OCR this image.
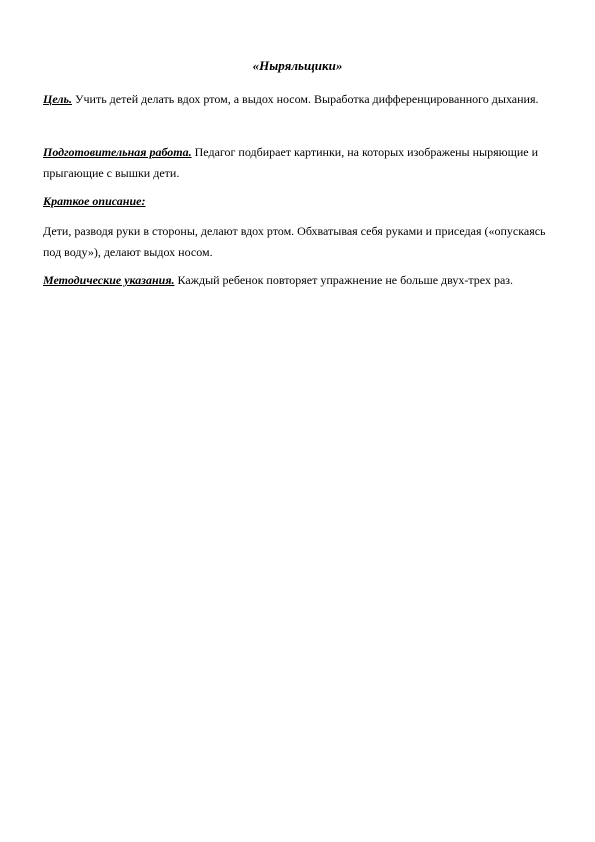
«Ныряльщики»
Цель. Учить детей делать вдох ртом, а выдох носом. Выработка дифференцированного дыхания.
Подготовительная работа. Педагог подбирает картинки, на которых изображены ныряющие и прыгающие с вышки дети.
Краткое описание:
Дети, разводя руки в стороны, делают вдох ртом. Обхватывая себя руками и приседая («опускаясь под воду»), делают выдох носом.
Методические указания. Каждый ребенок повторяет упражнение не больше двух-трех раз.
